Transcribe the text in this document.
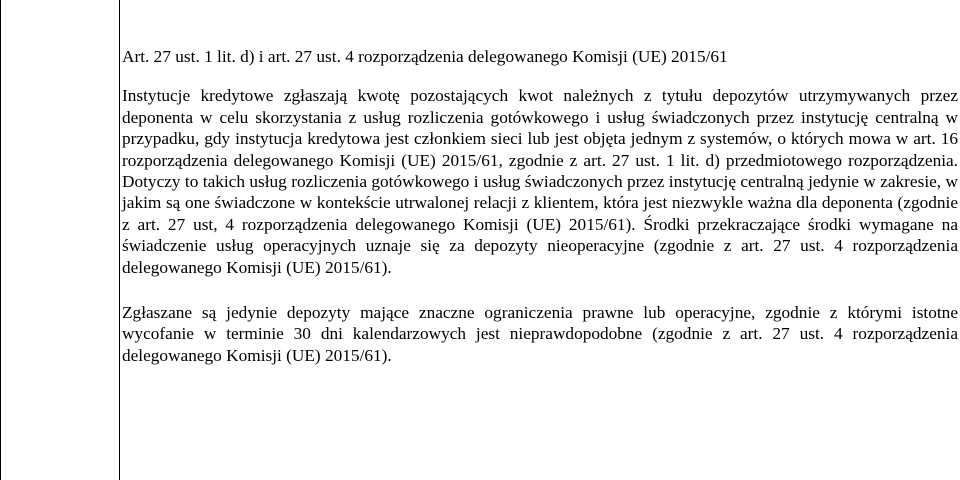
Art. 27 ust. 1 lit. d) i art. 27 ust. 4 rozporządzenia delegowanego Komisji (UE) 2015/61

Instytucje kredytowe zgłaszają kwotę pozostających kwot należnych z tytułu depozytów utrzymywanych przez deponenta w celu skorzystania z usług rozliczenia gotówkowego i usług świadczonych przez instytucję centralną w przypadku, gdy instytucja kredytowa jest członkiem sieci lub jest objęta jednym z systemów, o których mowa w art. 16 rozporządzenia delegowanego Komisji (UE) 2015/61, zgodnie z art. 27 ust. 1 lit. d) przedmiotowego rozporządzenia. Dotyczy to takich usług rozliczenia gotówkowego i usług świadczonych przez instytucję centralną jedynie w zakresie, w jakim są one świadczone w kontekście utrwalonej relacji z klientem, która jest niezwykle ważna dla deponenta (zgodnie z art. 27 ust, 4 rozporządzenia delegowanego Komisji (UE) 2015/61). Środki przekraczające środki wymagane na świadczenie usług operacyjnych uznaje się za depozyty nieoperacyjne (zgodnie z art. 27 ust. 4 rozporządzenia delegowanego Komisji (UE) 2015/61).

Zgłaszane są jedynie depozyty mające znaczne ograniczenia prawne lub operacyjne, zgodnie z którymi istotne wycofanie w terminie 30 dni kalendarzowych jest nieprawdopodobne (zgodnie z art. 27 ust. 4 rozporządzenia delegowanego Komisji (UE) 2015/61).
